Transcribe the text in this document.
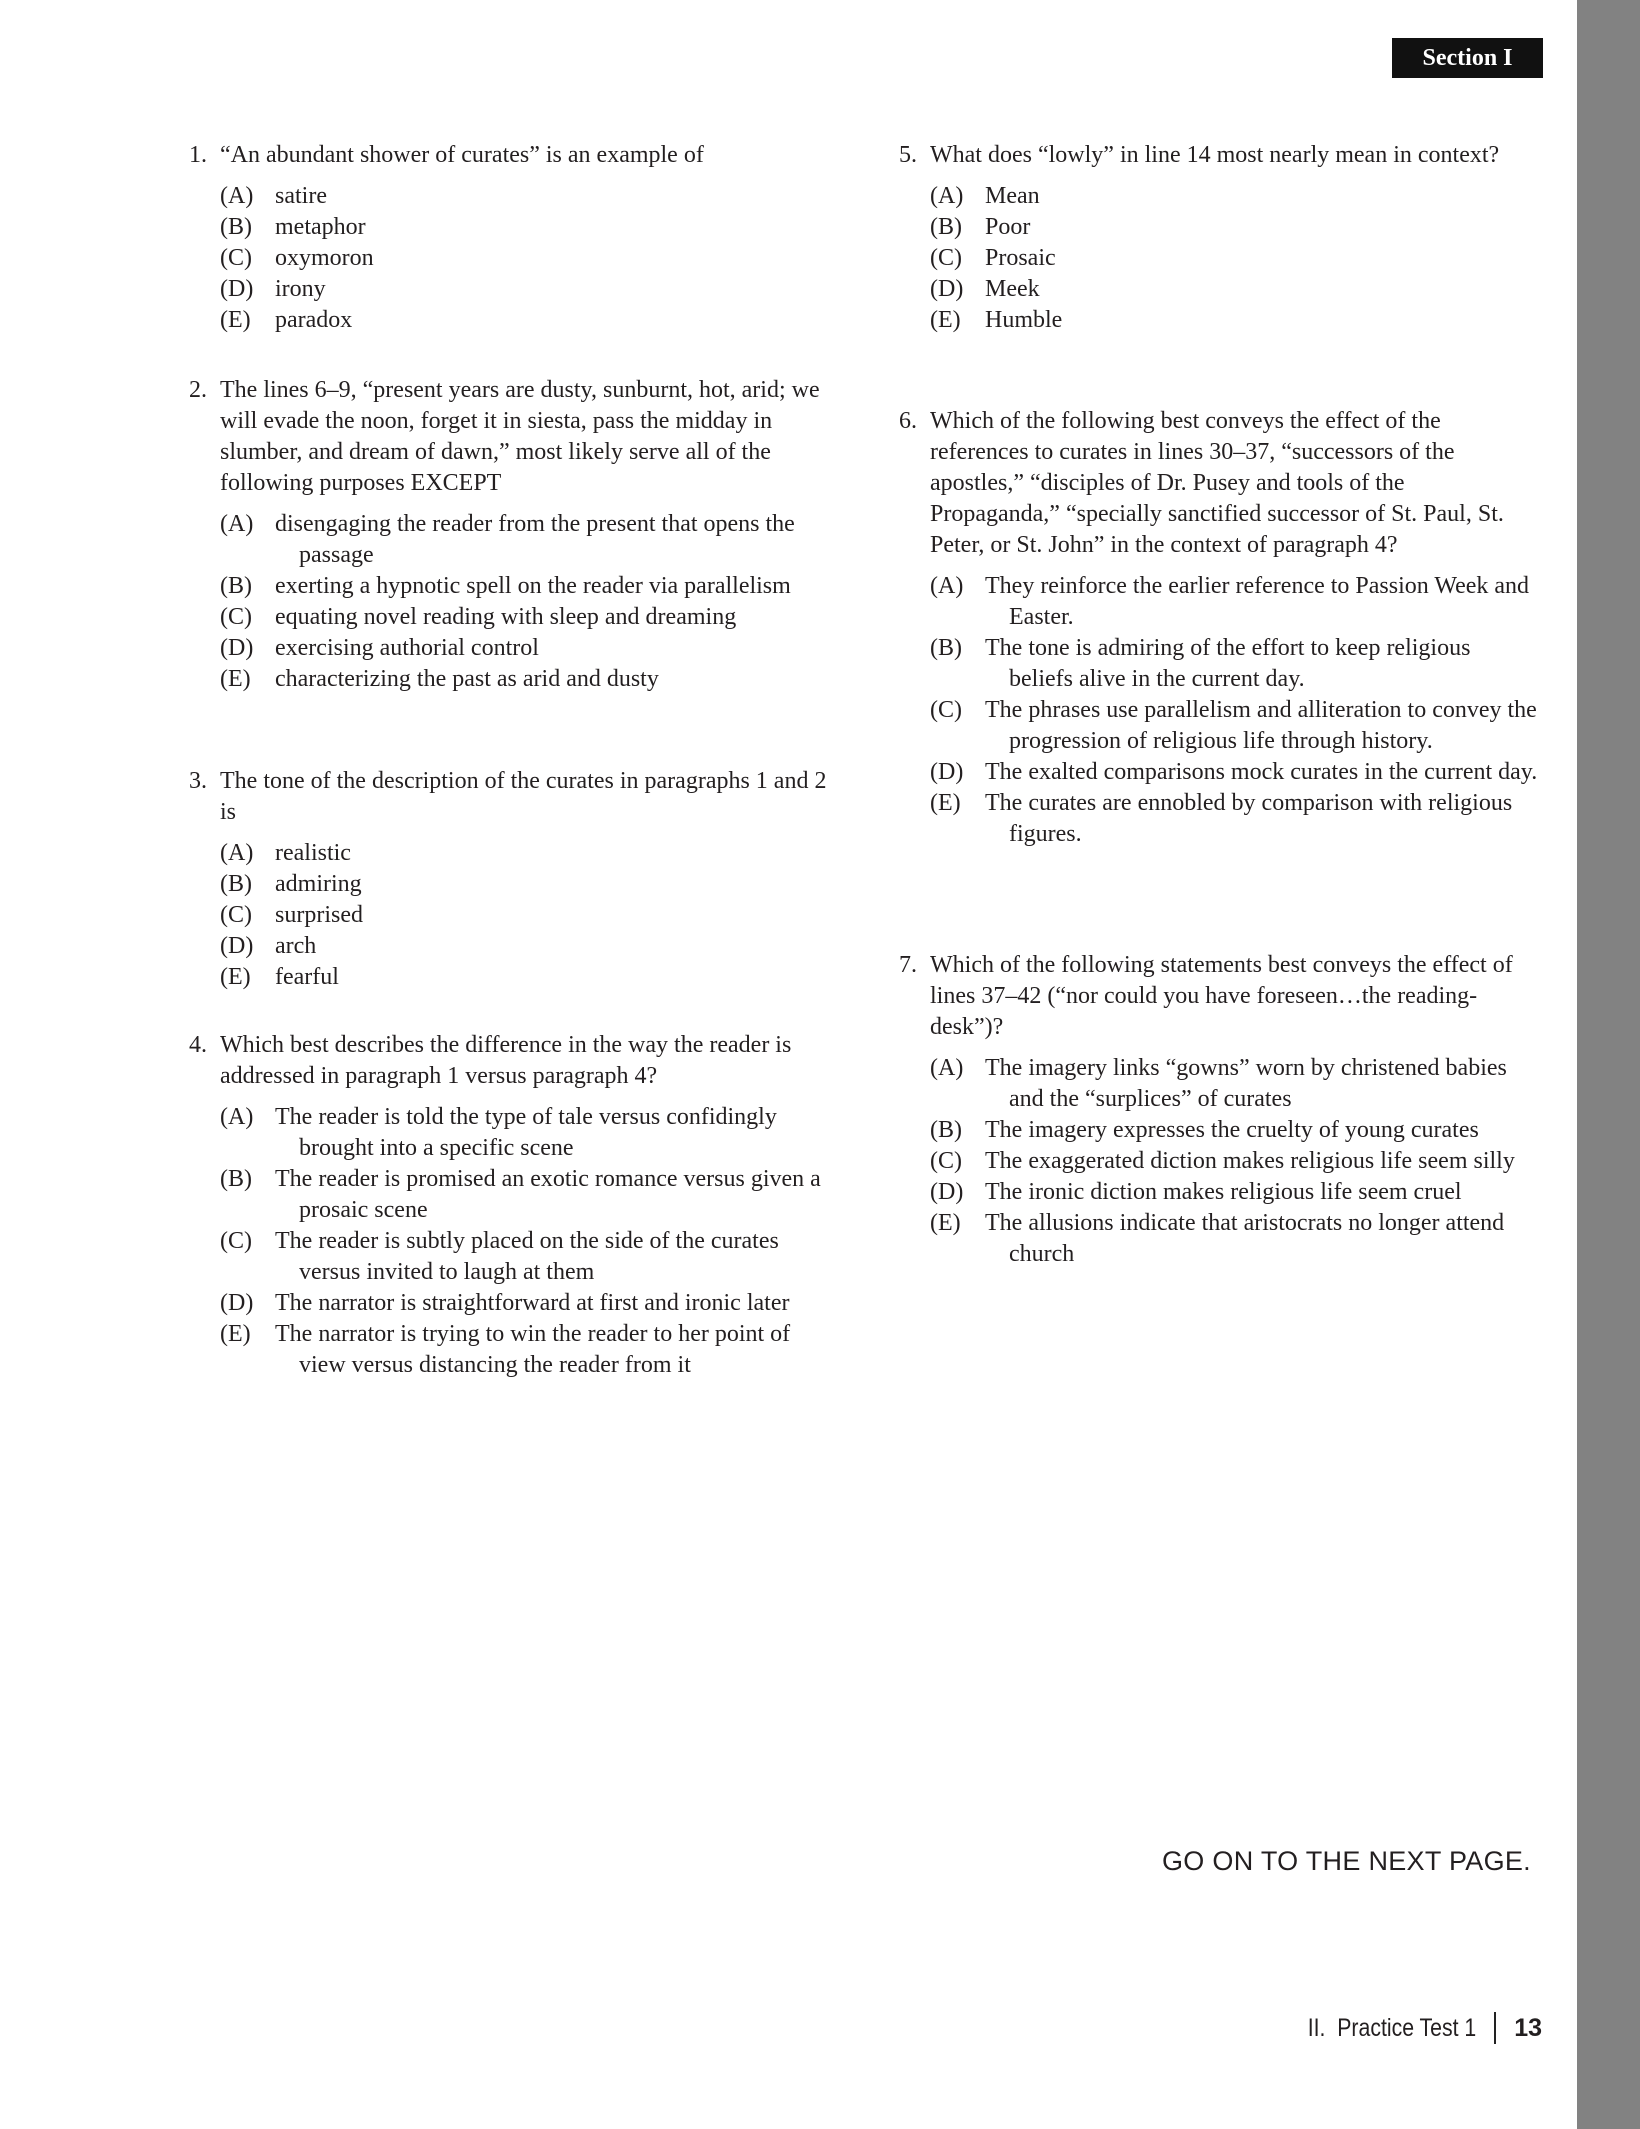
Section I
1. “An abundant shower of curates” is an example of
(A) satire
(B) metaphor
(C) oxymoron
(D) irony
(E)	paradox
2. The lines 6–9, “present years are dusty, sunburnt, hot, arid; we will evade the noon, forget it in siesta, pass the midday in slumber, and dream of dawn,” most likely serve all of the following purposes EXCEPT
(A) disengaging the reader from the present that opens the passage
(B) exerting a hypnotic spell on the reader via parallelism
(C) equating novel reading with sleep and dreaming
(D) exercising authorial control
(E)	characterizing the past as arid and dusty
3. The tone of the description of the curates in paragraphs 1 and 2 is
(A) realistic
(B) admiring
(C) surprised
(D) arch
(E)	fearful
4. Which best describes the difference in the way the reader is addressed in paragraph 1 versus paragraph 4?
(A) The reader is told the type of tale versus confidingly brought into a specific scene
(B) The reader is promised an exotic romance versus given a prosaic scene
(C) The reader is subtly placed on the side of the curates versus invited to laugh at them
(D) The narrator is straightforward at first and ironic later
(E)	The narrator is trying to win the reader to her point of view versus distancing the reader from it
5. What does “lowly” in line 14 most nearly mean in context?
(A) Mean
(B) Poor
(C) Prosaic
(D) Meek
(E)	Humble
6. Which of the following best conveys the effect of the references to curates in lines 30–37, “successors of the apostles,” “disciples of Dr. Pusey and tools of the Propaganda,” “specially sanctified successor of St. Paul, St. Peter, or St. John” in the context of paragraph 4?
(A) They reinforce the earlier reference to Passion Week and Easter.
(B) The tone is admiring of the effort to keep religious beliefs alive in the current day.
(C) The phrases use parallelism and alliteration to convey the progression of religious life through history.
(D) The exalted comparisons mock curates in the current day.
(E)	The curates are ennobled by comparison with religious figures.
7. Which of the following statements best conveys the effect of lines 37–42 (“nor could you have foreseen…the reading-desk”)?
(A) The imagery links “gowns” worn by christened babies and the “surplices” of curates
(B) The imagery expresses the cruelty of young curates
(C) The exaggerated diction makes religious life seem silly
(D) The ironic diction makes religious life seem cruel
(E)	The allusions indicate that aristocrats no longer attend church
GO ON TO THE NEXT PAGE.
II.  Practice Test 1 13
